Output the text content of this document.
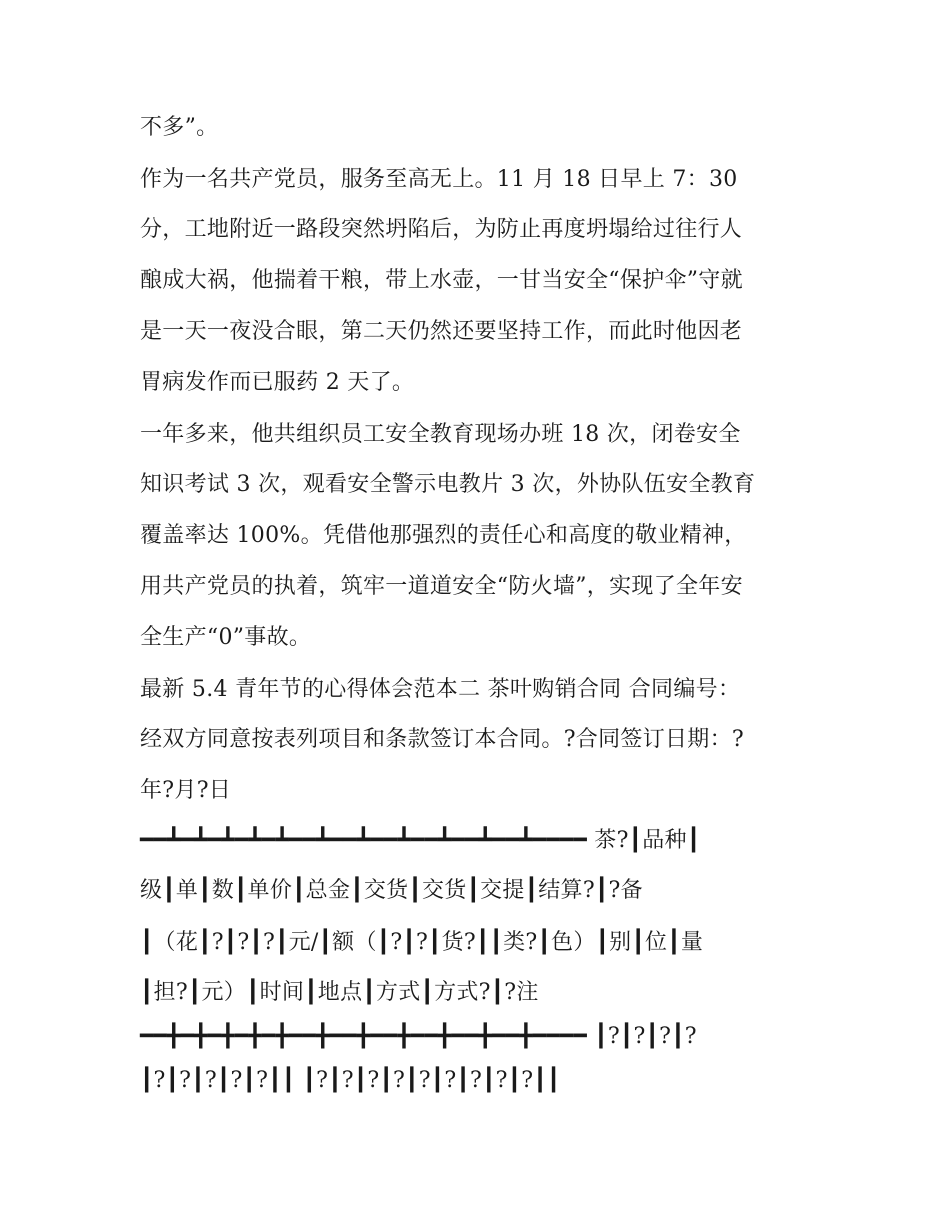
不多”。
作为一名共产党员，服务至高无上。11 月 18 日早上 7：30
分，工地附近一路段突然坍陷后，为防止再度坍塌给过往行人
酿成大祸，他揣着干粮，带上水壶，一甘当安全“保护伞”守就
是一天一夜没合眼，第二天仍然还要坚持工作，而此时他因老
胃病发作而已服药 2 天了。
一年多来，他共组织员工安全教育现场办班 18 次，闭卷安全
知识考试 3 次，观看安全警示电教片 3 次，外协队伍安全教育
覆盖率达 100%。凭借他那强烈的责任心和高度的敬业精神，
用共产党员的执着，筑牢一道道安全“防火墙”，实现了全年安
全生产“0”事故。
最新 5.4 青年节的心得体会范本二 茶叶购销合同 合同编号：
经双方同意按表列项目和条款签订本合同。?合同签订日期：?
年?月?日
━━┻━┻━┻━┻━┻━━┻━━┻━━┻━━┻━━┻━━┻━━━━ 茶?┃品种┃
级┃单┃数┃单价┃总金┃交货┃交货┃交提┃结算?┃?备
┃（花┃?┃?┃?┃元/┃额（┃?┃?┃货?┃┃类?┃色）┃别┃位┃量
┃担?┃元）┃时间┃地点┃方式┃方式?┃?注
━━╋━╋━╋━╋━╋━━╋━━╋━━╋━━╋━━╋━━╋━━━━ ┃?┃?┃?┃?
┃?┃?┃?┃?┃?┃┃ ┃?┃?┃?┃?┃?┃?┃?┃?┃?┃┃
